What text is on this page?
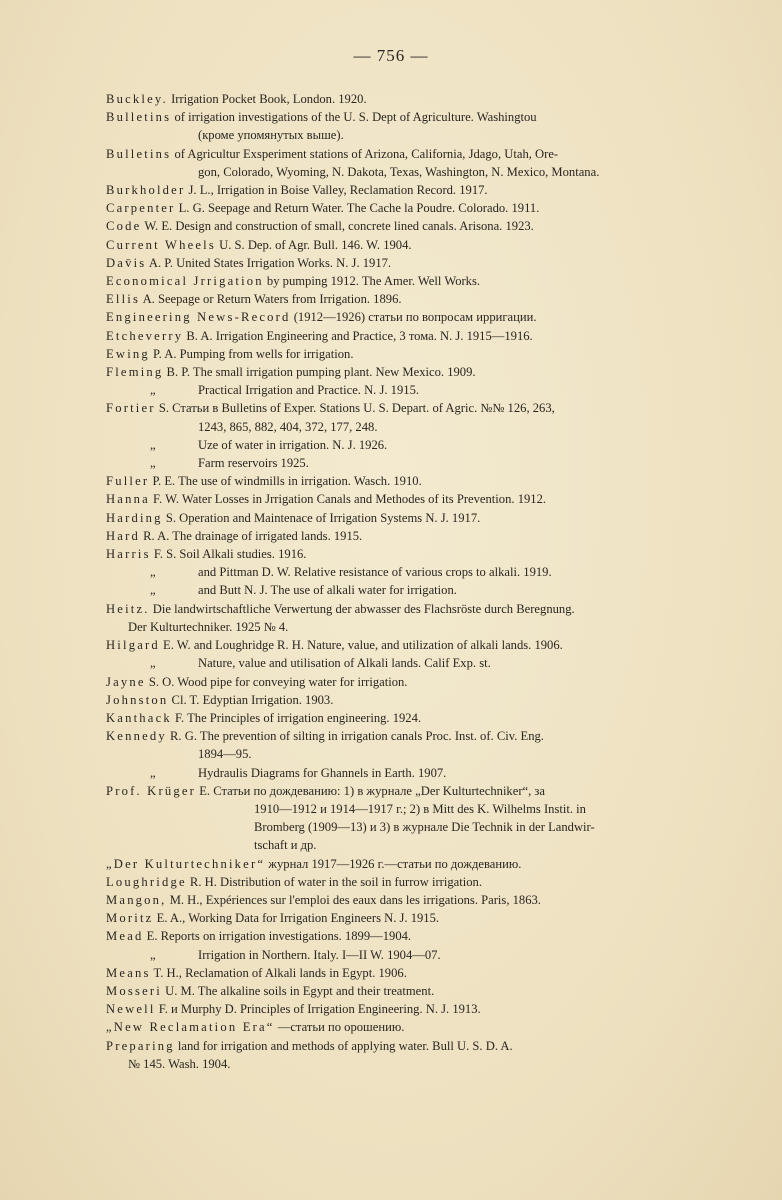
— 756 —
Buckley. Irrigation Pocket Book, London. 1920.
Bulletins of irrigation investigations of the U. S. Dept of Agriculture. Washingtou
(кроме упомянутых выше).
Bulletins of Agricultur Exsperiment stations of Arizona, California, Jdago, Utah, Ore-
gon, Colorado, Wyoming, N. Dakota, Texas, Washington, N. Mexico, Montana.
Burkholder J. L., Irrigation in Boise Valley, Reclamation Record. 1917.
Carpenter L. G. Seepage and Return Water. The Cache la Poudre. Colorado. 1911.
Code W. E. Design and construction of small, concrete lined canals. Arisona. 1923.
Current Wheels U. S. Dep. of Agr. Bull. 146. W. 1904.
Dav̄is A. P. United States Irrigation Works. N. J. 1917.
Economical Jrrigation by pumping 1912. The Amer. Well Works.
Ellis A. Seepage or Return Waters from Irrigation. 1896.
Engineering News-Record (1912—1926) статьи по вопросам ирригации.
Etcheverry B. A. Irrigation Engineering and Practice, 3 тома. N. J. 1915—1916.
Ewing P. A. Pumping from wells for irrigation.
Fleming B. P. The small irrigation pumping plant. New Mexico. 1909.
„	Practical Irrigation and Practice. N. J. 1915.
Fortier S. Статьи в Bulletins of Exper. Stations U. S. Depart. of Agric. №№ 126, 263,
1243, 865, 882, 404, 372, 177, 248.
„	Uze of water in irrigation. N. J. 1926.
„	Farm reservoirs 1925.
Fuller P. E. The use of windmills in irrigation. Wasch. 1910.
Hanna F. W. Water Losses in Jrrigation Canals and Methodes of its Prevention. 1912.
Harding S. Operation and Maintenace of Irrigation Systems N. J. 1917.
Hard R. A. The drainage of irrigated lands. 1915.
Harris F. S. Soil Alkali studies. 1916.
„	and Pittman D. W. Relative resistance of various crops to alkali. 1919.
„	and Butt N. J. The use of alkali water for irrigation.
Heitz. Die landwirtschaftliche Verwertung der abwasser des Flachsröste durch Beregnung.
Der Kulturtechniker. 1925 № 4.
Hilgard E. W. and Loughridge R. H. Nature, value, and utilization of alkali lands. 1906.
„	Nature, value and utilisation of Alkali lands. Calif Exp. st.
Jayne S. O. Wood pipe for conveying water for irrigation.
Johnston Cl. T. Edyptian Irrigation. 1903.
Kanthack F. The Principles of irrigation engineering. 1924.
Kennedy R. G. The prevention of silting in irrigation canals Proc. Inst. of. Civ. Eng.
1894—95.
„	Hydraulis Diagrams for Ghannels in Earth. 1907.
Prof. Krüger E. Статьи по дождеванию: 1) в журнале „Der Kulturtechniker“, за
1910—1912 и 1914—1917 г.; 2) в Mitt des K. Wilhelms Instit. in
Bromberg (1909—13) и 3) в журнале Die Technik in der Landwir-
tschaft и др.
„Der Kulturtechniker“ журнал 1917—1926 г.—статьи по дождеванию.
Loughridge R. H. Distribution of water in the soil in furrow irrigation.
Mangon, M. H., Expériences sur l'emploi des eaux dans les irrigations. Paris, 1863.
Moritz E. A., Working Data for Irrigation Engineers N. J. 1915.
Mead E. Reports on irrigation investigations. 1899—1904.
„	Irrigation in Northern. Italy. I—II W. 1904—07.
Means T. H., Reclamation of Alkali lands in Egypt. 1906.
Mosseri U. M. The alkaline soils in Egypt and their treatment.
Newell F. и Murphy D. Principles of Irrigation Engineering. N. J. 1913.
„New Reclamation Era“ —статьи по орошению.
Preparing land for irrigation and methods of applying water. Bull U. S. D. A.
№ 145. Wash. 1904.
